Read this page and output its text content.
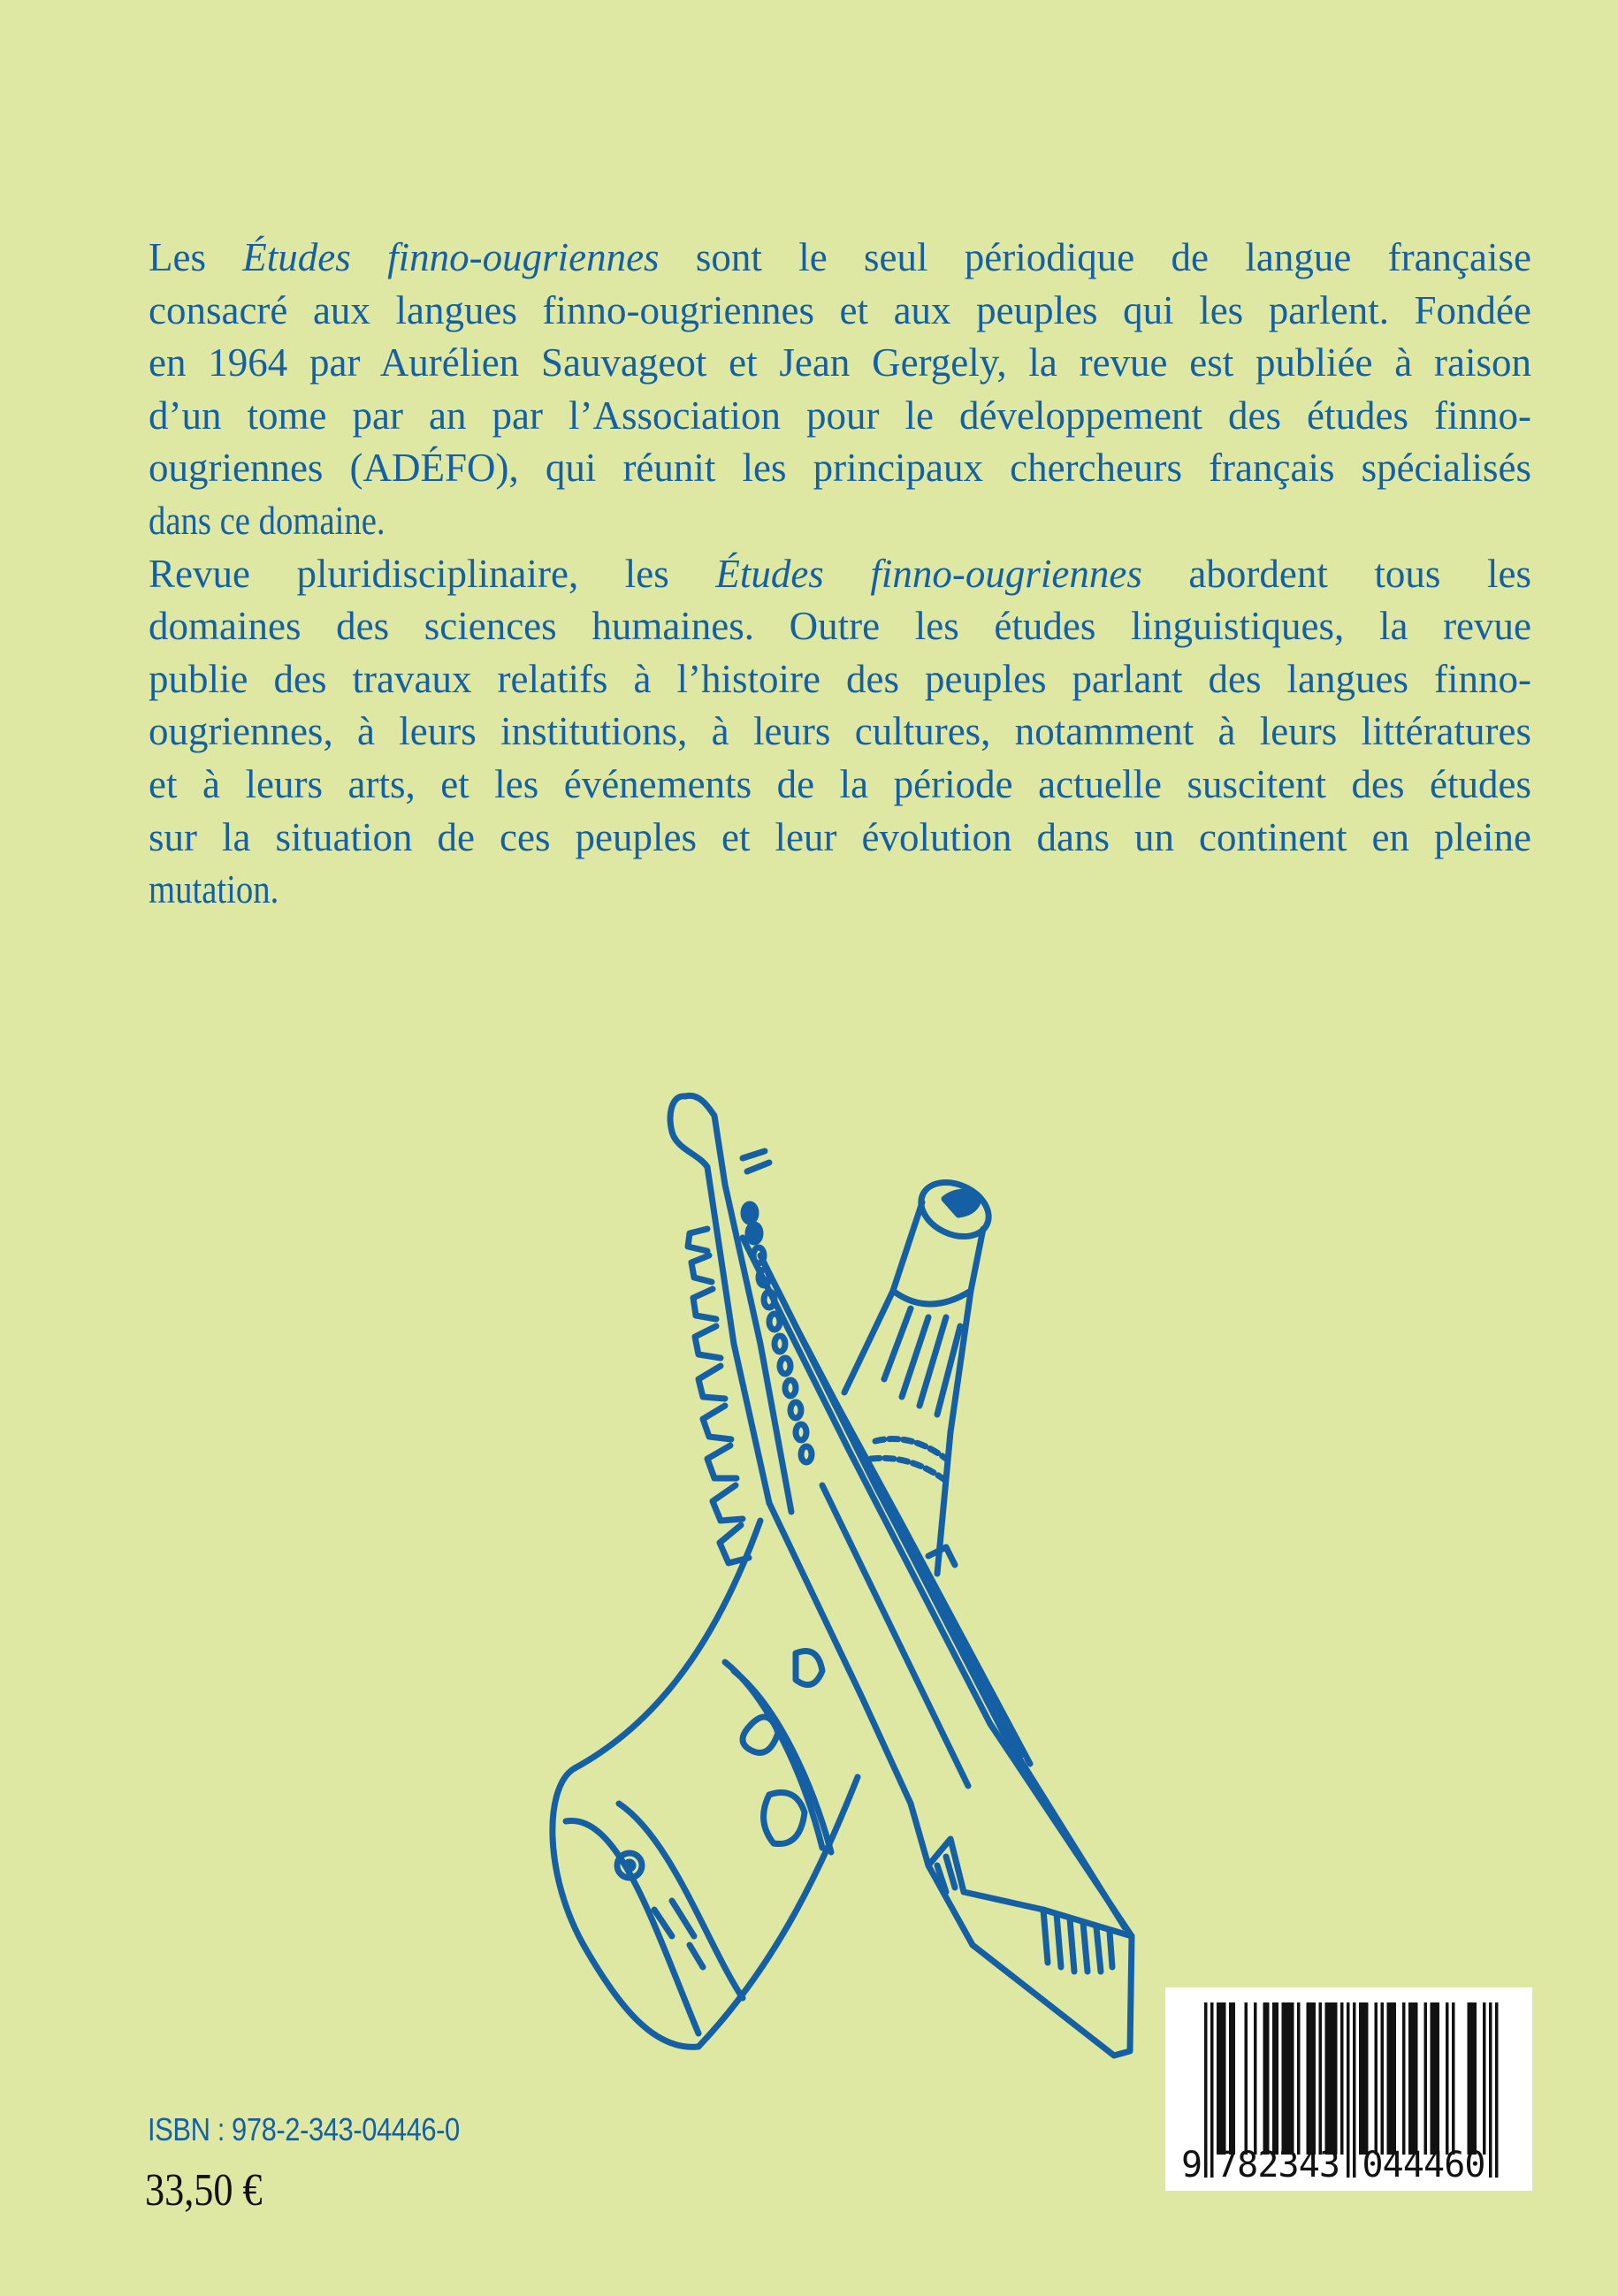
Les Études finno-ougriennes sont le seul périodique de langue française
consacré aux langues finno-ougriennes et aux peuples qui les parlent. Fondée
en 1964 par Aurélien Sauvageot et Jean Gergely, la revue est publiée à raison
d’un tome par an par l’Association pour le développement des études finno-
ougriennes (ADÉFO), qui réunit les principaux chercheurs français spécialisés
dans ce domaine.
Revue pluridisciplinaire, les Études finno-ougriennes abordent tous les
domaines des sciences humaines. Outre les études linguistiques, la revue
publie des travaux relatifs à l’histoire des peuples parlant des langues finno-
ougriennes, à leurs institutions, à leurs cultures, notamment à leurs littératures
et à leurs arts, et les événements de la période actuelle suscitent des études
sur la situation de ces peuples et leur évolution dans un continent en pleine
mutation.
ISBN : 978-2-343-04446-0
33,50 €	9 782343 044460
